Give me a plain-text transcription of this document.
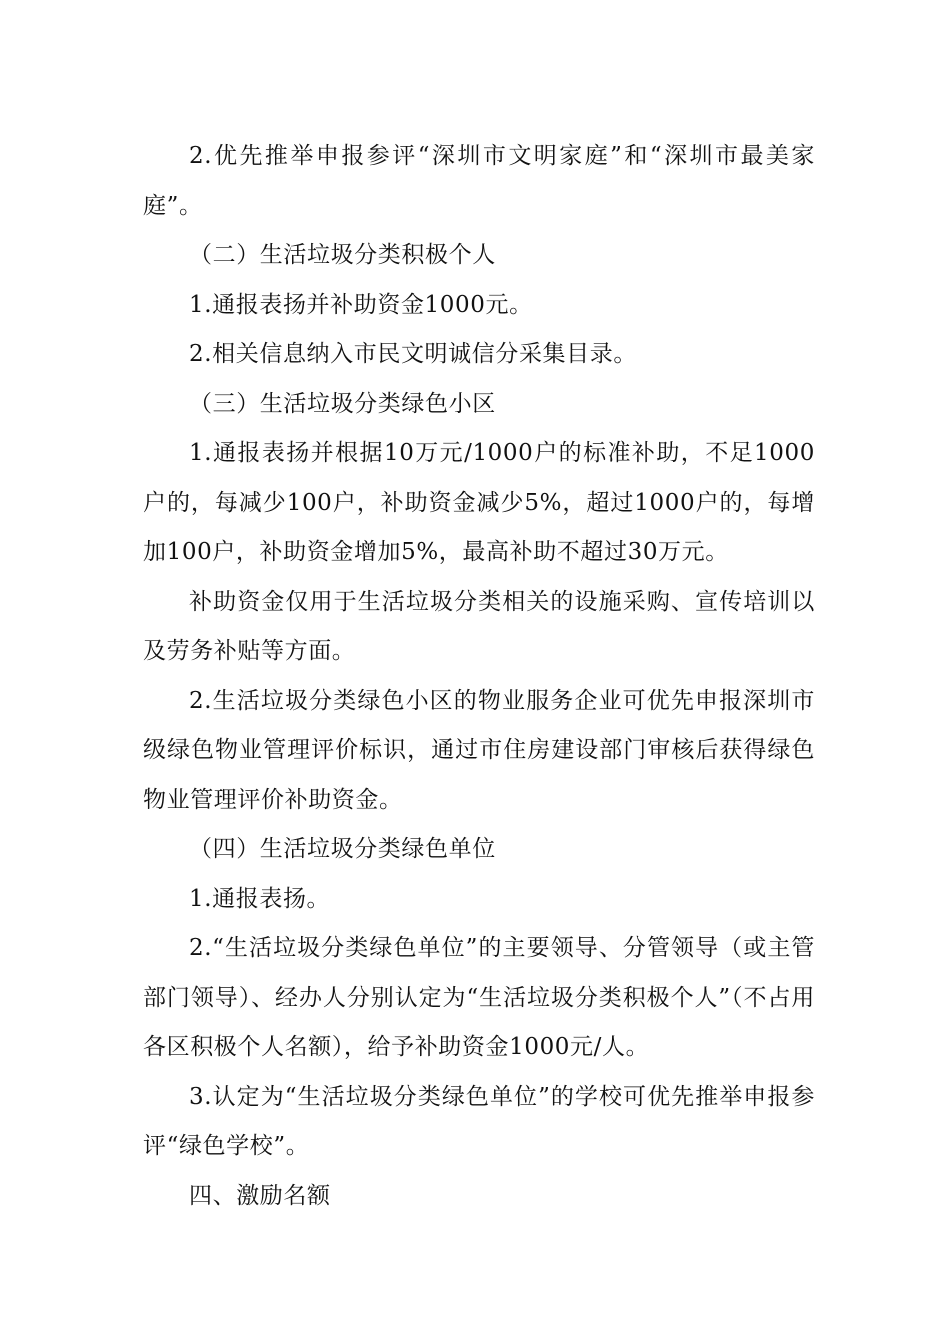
2.优先推举申报参评“深圳市文明家庭”和“深圳市最美家庭”。

（二）生活垃圾分类积极个人

1.通报表扬并补助资金1000元。

2.相关信息纳入市民文明诚信分采集目录。

（三）生活垃圾分类绿色小区

1.通报表扬并根据10万元/1000户的标准补助，不足1000户的，每减少100户，补助资金减少5%，超过1000户的，每增加100户，补助资金增加5%，最高补助不超过30万元。

补助资金仅用于生活垃圾分类相关的设施采购、宣传培训以及劳务补贴等方面。

2.生活垃圾分类绿色小区的物业服务企业可优先申报深圳市级绿色物业管理评价标识，通过市住房建设部门审核后获得绿色物业管理评价补助资金。

（四）生活垃圾分类绿色单位

1.通报表扬。

2.“生活垃圾分类绿色单位”的主要领导、分管领导（或主管部门领导）、经办人分别认定为“生活垃圾分类积极个人”（不占用各区积极个人名额），给予补助资金1000元/人。

3.认定为“生活垃圾分类绿色单位”的学校可优先推举申报参评“绿色学校”。

四、激励名额
